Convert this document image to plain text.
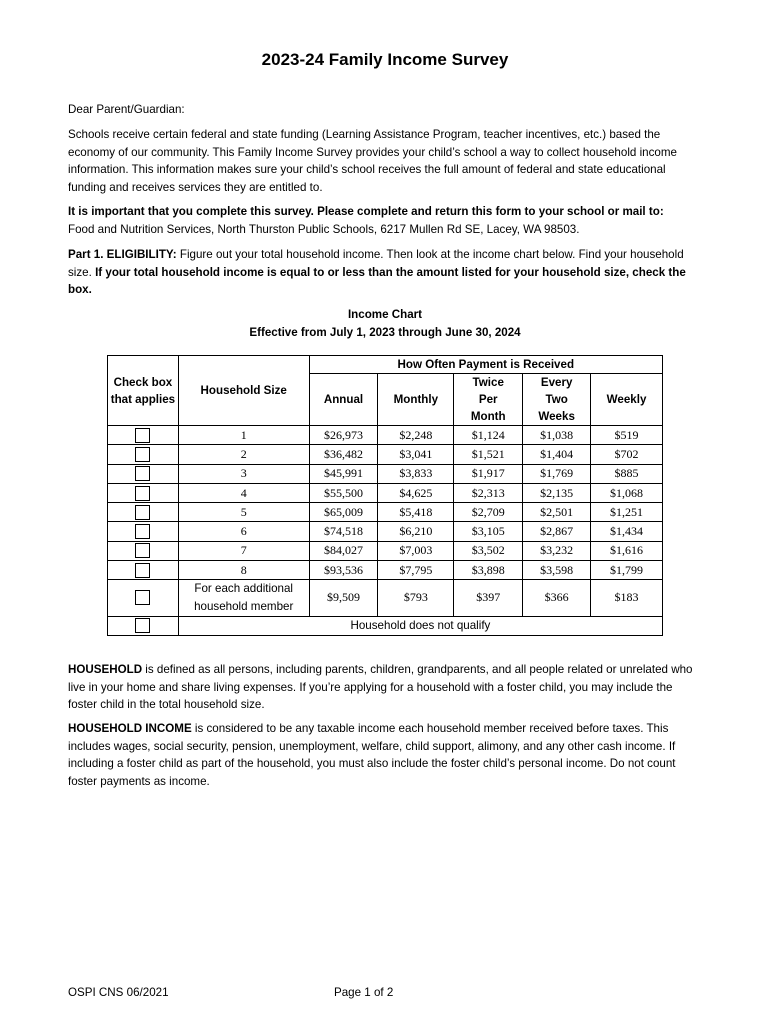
2023-24 Family Income Survey
Dear Parent/Guardian:
Schools receive certain federal and state funding (Learning Assistance Program, teacher incentives, etc.) based the economy of our community. This Family Income Survey provides your child’s school a way to collect household income information. This information makes sure your child’s school receives the full amount of federal and state educational funding and receives services they are entitled to.
It is important that you complete this survey. Please complete and return this form to your school or mail to:
Food and Nutrition Services, North Thurston Public Schools, 6217 Mullen Rd SE, Lacey, WA 98503.
Part 1. ELIGIBILITY: Figure out your total household income. Then look at the income chart below. Find your household size. If your total household income is equal to or less than the amount listed for your household size, check the box.
Income Chart
Effective from July 1, 2023 through June 30, 2024
Check box that applies	Household Size	How Often Payment is Received				
		Annual	Monthly	Twice Per Month	Every Two Weeks	Weekly
	1	$26,973	$2,248	$1,124	$1,038	$519
	2	$36,482	$3,041	$1,521	$1,404	$702
	3	$45,991	$3,833	$1,917	$1,769	$885
	4	$55,500	$4,625	$2,313	$2,135	$1,068
	5	$65,009	$5,418	$2,709	$2,501	$1,251
	6	$74,518	$6,210	$3,105	$2,867	$1,434
	7	$84,027	$7,003	$3,502	$3,232	$1,616
	8	$93,536	$7,795	$3,898	$3,598	$1,799
	For each additional household member	$9,509	$793	$397	$366	$183
	Household does not qualify					
HOUSEHOLD is defined as all persons, including parents, children, grandparents, and all people related or unrelated who live in your home and share living expenses. If you’re applying for a household with a foster child, you may include the foster child in the total household size.
HOUSEHOLD INCOME is considered to be any taxable income each household member received before taxes. This includes wages, social security, pension, unemployment, welfare, child support, alimony, and any other cash income. If including a foster child as part of the household, you must also include the foster child’s personal income. Do not count foster payments as income.
OSPI CNS 06/2021	Page 1 of 2
